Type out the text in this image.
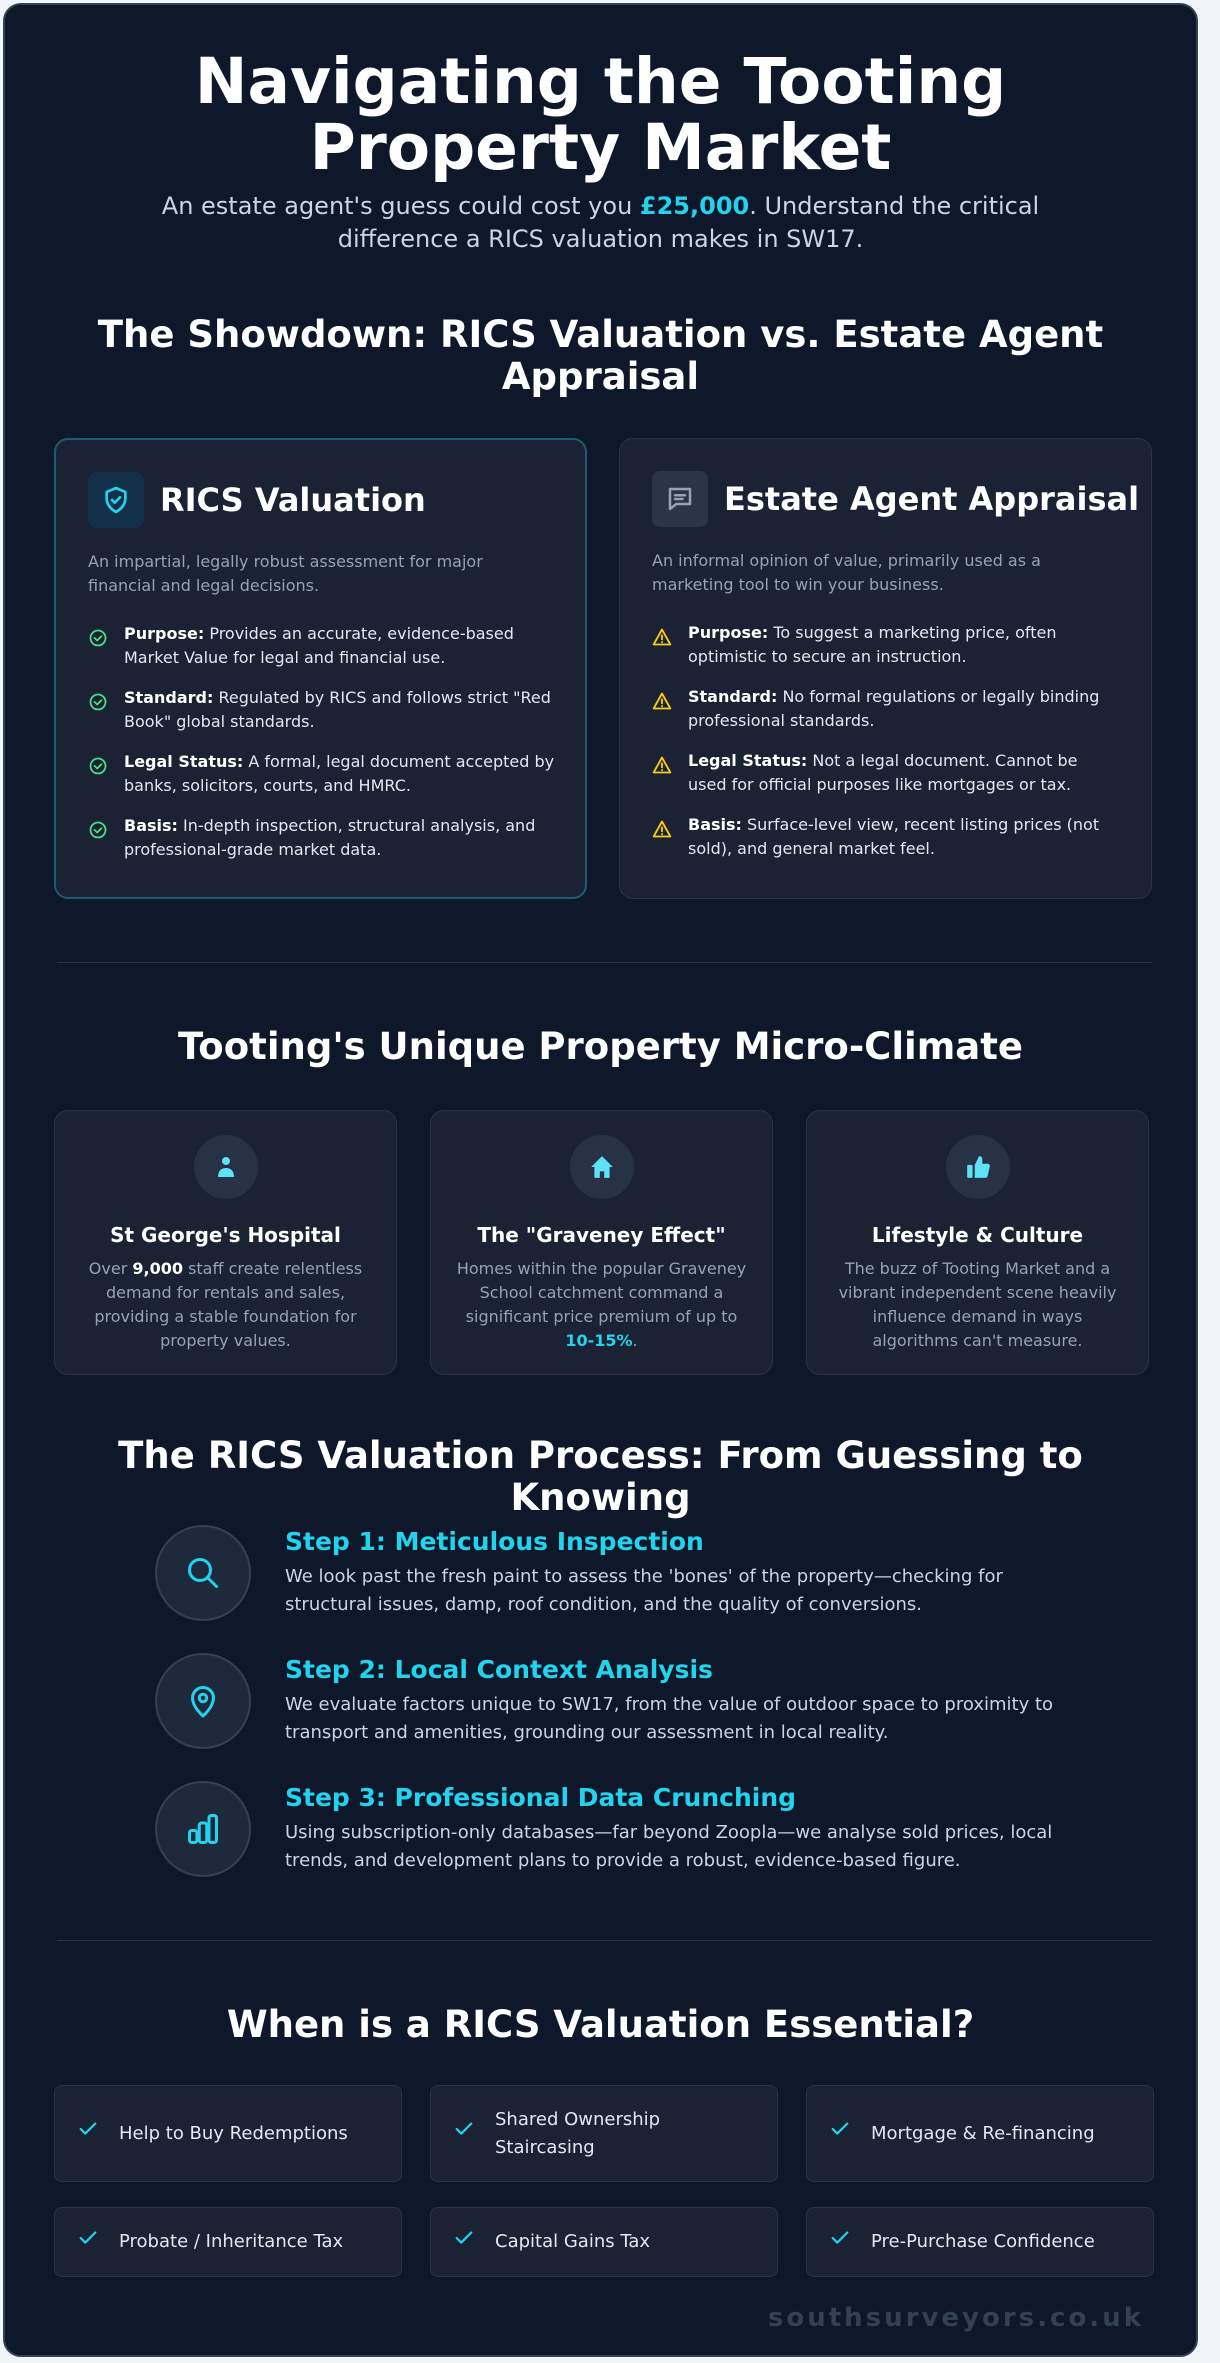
Navigating the Tooting Property Market

An estate agent's guess could cost you £25,000. Understand the critical difference a RICS valuation makes in SW17.

The Showdown: RICS Valuation vs. Estate Agent Appraisal
RICS Valuation

An impartial, legally robust assessment for major financial and legal decisions.

Purpose: Provides an accurate, evidence-based Market Value for legal and financial use.
Standard: Regulated by RICS and follows strict "Red Book" global standards.
Legal Status: A formal, legal document accepted by banks, solicitors, courts, and HMRC.
Basis: In-depth inspection, structural analysis, and professional-grade market data.
Estate Agent Appraisal

An informal opinion of value, primarily used as a marketing tool to win your business.

Purpose: To suggest a marketing price, often optimistic to secure an instruction.
Standard: No formal regulations or legally binding professional standards.
Legal Status: Not a legal document. Cannot be used for official purposes like mortgages or tax.
Basis: Surface-level view, recent listing prices (not sold), and general market feel.
Tooting's Unique Property Micro-Climate
St George's Hospital

Over 9,000 staff create relentless demand for rentals and sales, providing a stable foundation for property values.

The "Graveney Effect"

Homes within the popular Graveney School catchment command a significant price premium of up to 10-15%.

Lifestyle & Culture

The buzz of Tooting Market and a vibrant independent scene heavily influence demand in ways algorithms can't measure.

The RICS Valuation Process: From Guessing to Knowing
Step 1: Meticulous Inspection

We look past the fresh paint to assess the 'bones' of the property—checking for structural issues, damp, roof condition, and the quality of conversions.

Step 2: Local Context Analysis

We evaluate factors unique to SW17, from the value of outdoor space to proximity to transport and amenities, grounding our assessment in local reality.

Step 3: Professional Data Crunching

Using subscription-only databases—far beyond Zoopla—we analyse sold prices, local trends, and development plans to provide a robust, evidence-based figure.

When is a RICS Valuation Essential?
Help to Buy Redemptions
Shared Ownership Staircasing
Mortgage & Re-financing
Probate / Inheritance Tax	Capital Gains Tax	Pre-Purchase Confidence
southsurveyors.co.uk
